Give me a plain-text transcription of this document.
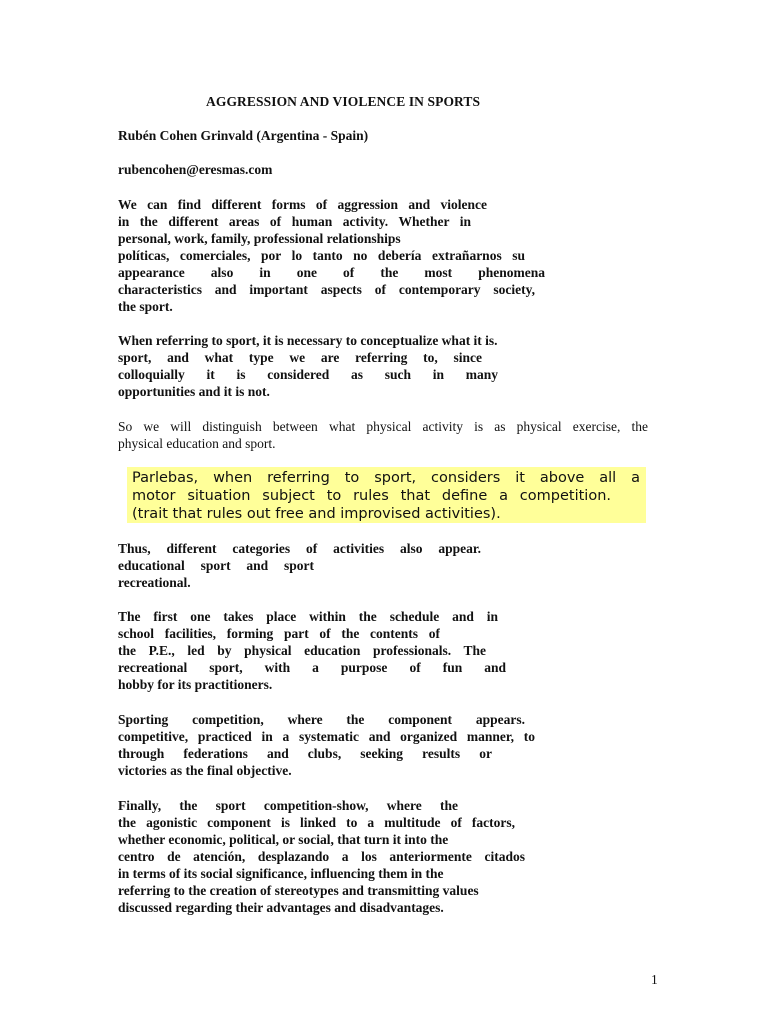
AGGRESSION AND VIOLENCE IN SPORTS
Rubén Cohen Grinvald (Argentina - Spain)
rubencohen@eresmas.com
We can find different forms of aggression and violence
in the different areas of human activity. Whether in
personal, work, family, professional relationships
políticas, comerciales, por lo tanto no debería extrañarnos su
appearance also in one of the most phenomena
characteristics and important aspects of contemporary society,
the sport.
When referring to sport, it is necessary to conceptualize what it is.
sport, and what type we are referring to, since
colloquially it is considered as such in many
opportunities and it is not.
So we will distinguish between what physical activity is as physical exercise, the
physical education and sport.
Parlebas, when referring to sport, considers it above all a
motor situation subject to rules that define a competition.
(trait that rules out free and improvised activities).
Thus, different categories of activities also appear.
educational sport and sport
recreational.
The first one takes place within the schedule and in
school facilities, forming part of the contents of
the P.E., led by physical education professionals. The
recreational sport, with a purpose of fun and
hobby for its practitioners.
Sporting competition, where the component appears.
competitive, practiced in a systematic and organized manner, to
through federations and clubs, seeking results or
victories as the final objective.
Finally, the sport competition-show, where the
the agonistic component is linked to a multitude of factors,
whether economic, political, or social, that turn it into the
centro de atención, desplazando a los anteriormente citados
in terms of its social significance, influencing them in the
referring to the creation of stereotypes and transmitting values
discussed regarding their advantages and disadvantages.
1
